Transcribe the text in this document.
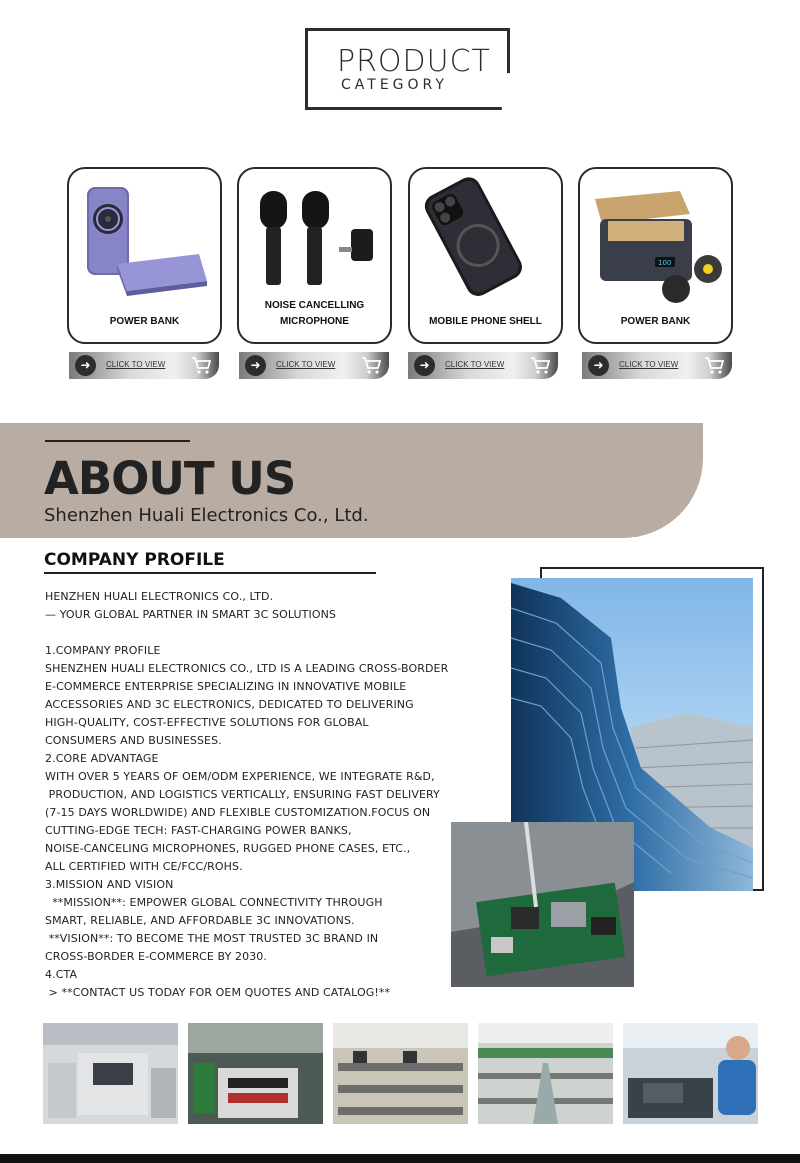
PRODUCT
CATEGORY
POWER BANK
➜	CLICK TO VIEW
NOISE CANCELLING
MICROPHONE
➜	CLICK TO VIEW
MOBILE PHONE SHELL
➜	CLICK TO VIEW
100
POWER BANK
➜	CLICK TO VIEW
ABOUT US
Shenzhen Huali Electronics Co., Ltd.
COMPANY PROFILE
HENZHEN HUALI ELECTRONICS CO., LTD.
— YOUR GLOBAL PARTNER IN SMART 3C SOLUTIONS

1.COMPANY PROFILE
SHENZHEN HUALI ELECTRONICS CO., LTD IS A LEADING CROSS-BORDER
E-COMMERCE ENTERPRISE SPECIALIZING IN INNOVATIVE MOBILE
ACCESSORIES AND 3C ELECTRONICS, DEDICATED TO DELIVERING
HIGH-QUALITY, COST-EFFECTIVE SOLUTIONS FOR GLOBAL
CONSUMERS AND BUSINESSES.
2.CORE ADVANTAGE
WITH OVER 5 YEARS OF OEM/ODM EXPERIENCE, WE INTEGRATE R&D,
PRODUCTION, AND LOGISTICS VERTICALLY, ENSURING FAST DELIVERY
(7-15 DAYS WORLDWIDE) AND FLEXIBLE CUSTOMIZATION.FOCUS ON
CUTTING-EDGE TECH: FAST-CHARGING POWER BANKS,
NOISE-CANCELING MICROPHONES, RUGGED PHONE CASES, ETC.,
ALL CERTIFIED WITH CE/FCC/ROHS.
3.MISSION AND VISION
**MISSION**: EMPOWER GLOBAL CONNECTIVITY THROUGH
SMART, RELIABLE, AND AFFORDABLE 3C INNOVATIONS.
**VISION**: TO BECOME THE MOST TRUSTED 3C BRAND IN
CROSS-BORDER E-COMMERCE BY 2030.
4.CTA
> **CONTACT US TODAY FOR OEM QUOTES AND CATALOG!**
